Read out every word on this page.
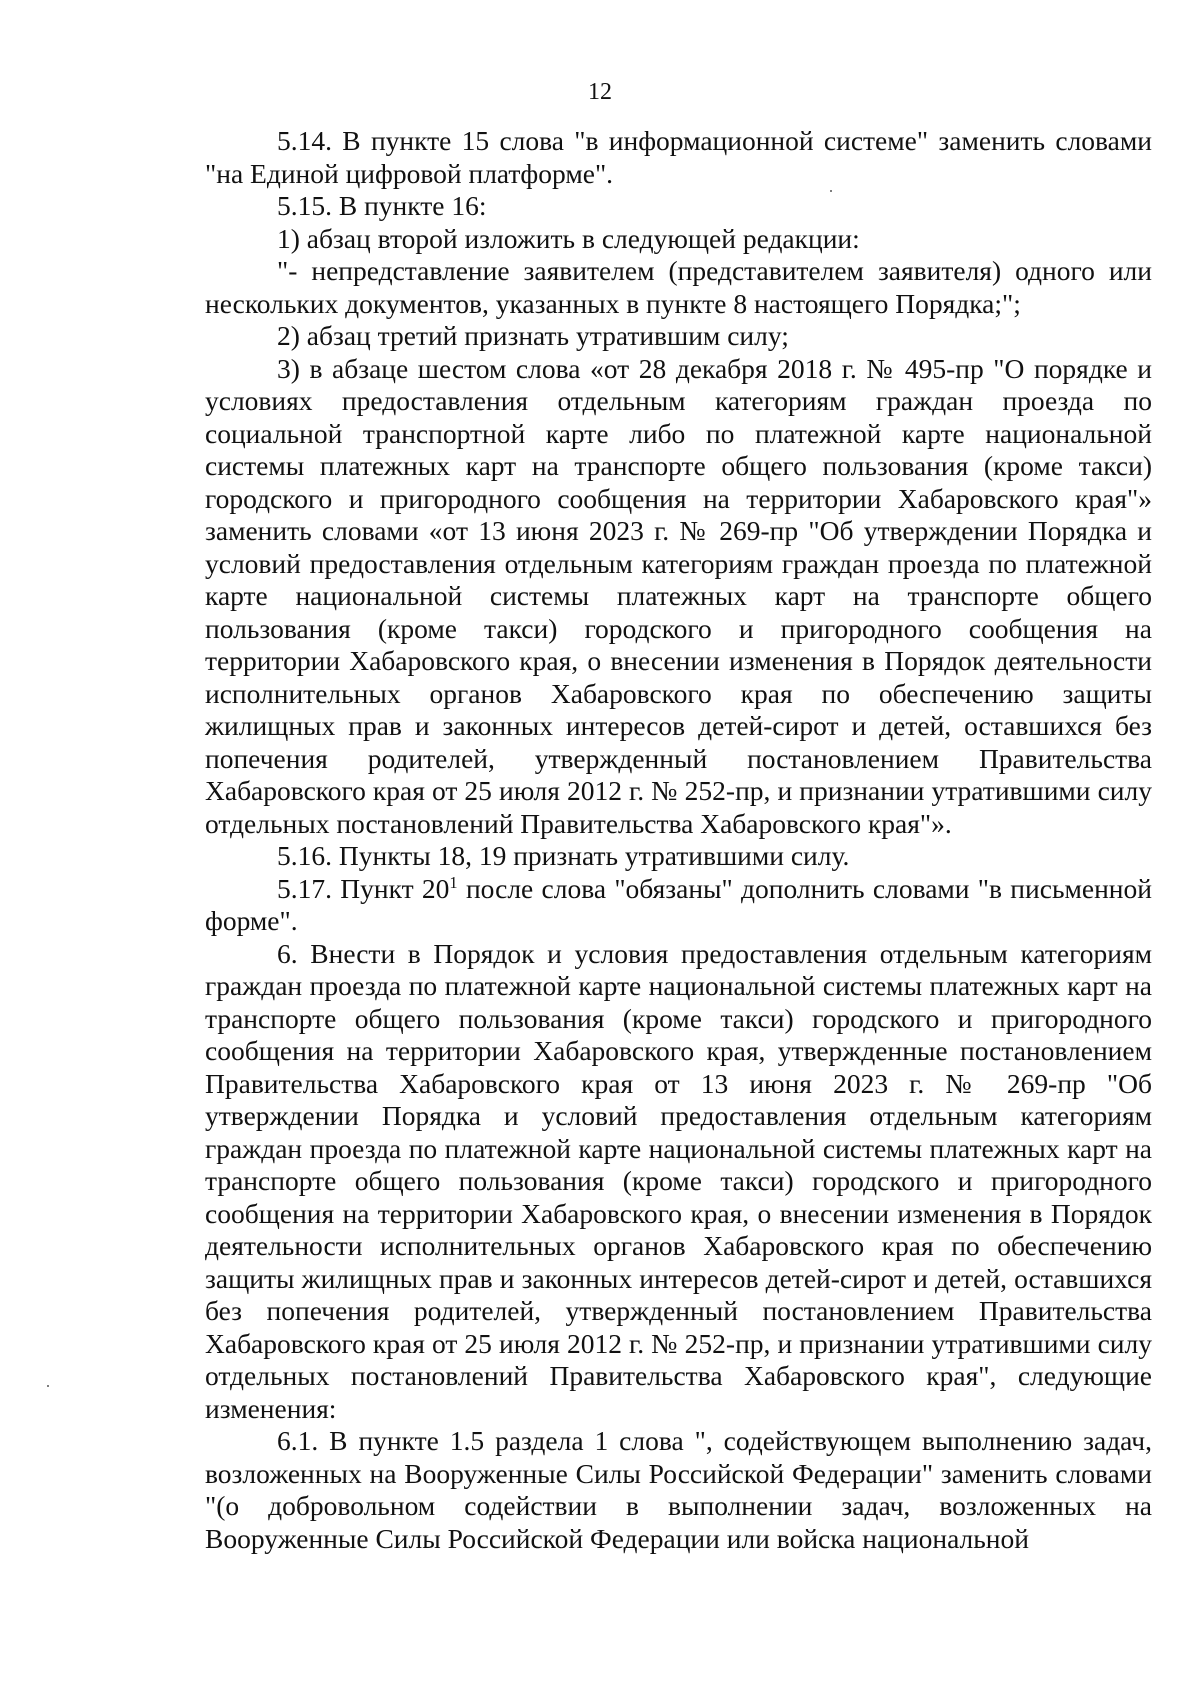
12

5.14. В пункте 15 слова "в информационной системе" заменить словами "на Единой цифровой платформе".

5.15. В пункте 16:

1) абзац второй изложить в следующей редакции:

"- непредставление заявителем (представителем заявителя) одного или нескольких документов, указанных в пункте 8 настоящего Порядка;";

2) абзац третий признать утратившим силу;

3) в абзаце шестом слова «от 28 декабря 2018 г. № 495-пр "О порядке и условиях предоставления отдельным категориям граждан проезда по социальной транспортной карте либо по платежной карте национальной системы платежных карт на транспорте общего пользования (кроме такси) городского и пригородного сообщения на территории Хабаровского края"» заменить словами «от 13 июня 2023 г. № 269-пр "Об утверждении Порядка и условий предоставления отдельным категориям граждан проезда по платежной карте национальной системы платежных карт на транспорте общего пользования (кроме такси) городского и пригородного сообщения на территории Хабаровского края, о внесении изменения в Порядок деятельности исполнительных органов Хабаровского края по обеспечению защиты жилищных прав и законных интересов детей-сирот и детей, оставшихся без попечения родителей, утвержденный постановлением Правительства Хабаровского края от 25 июля 2012 г. № 252-пр, и признании утратившими силу отдельных постановлений Правительства Хабаровского края"».

5.16. Пункты 18, 19 признать утратившими силу.

5.17. Пункт $20^1$ после слова "обязаны" дополнить словами "в письменной форме".

6. Внести в Порядок и условия предоставления отдельным категориям граждан проезда по платежной карте национальной системы платежных карт на транспорте общего пользования (кроме такси) городского и пригородного сообщения на территории Хабаровского края, утвержденные постановлением Правительства Хабаровского края от 13 июня 2023 г. № 269-пр "Об утверждении Порядка и условий предоставления отдельным категориям граждан проезда по платежной карте национальной системы платежных карт на транспорте общего пользования (кроме такси) городского и пригородного сообщения на территории Хабаровского края, о внесении изменения в Порядок деятельности исполнительных органов Хабаровского края по обеспечению защиты жилищных прав и законных интересов детей-сирот и детей, оставшихся без попечения родителей, утвержденный постановлением Правительства Хабаровского края от 25 июля 2012 г. № 252-пр, и признании утратившими силу отдельных постановлений Правительства Хабаровского края", следующие изменения:

6.1. В пункте 1.5 раздела 1 слова ", содействующем выполнению задач, возложенных на Вооруженные Силы Российской Федерации" заменить словами "(о добровольном содействии в выполнении задач, возложенных на Вооруженные Силы Российской Федерации или войска национальной
